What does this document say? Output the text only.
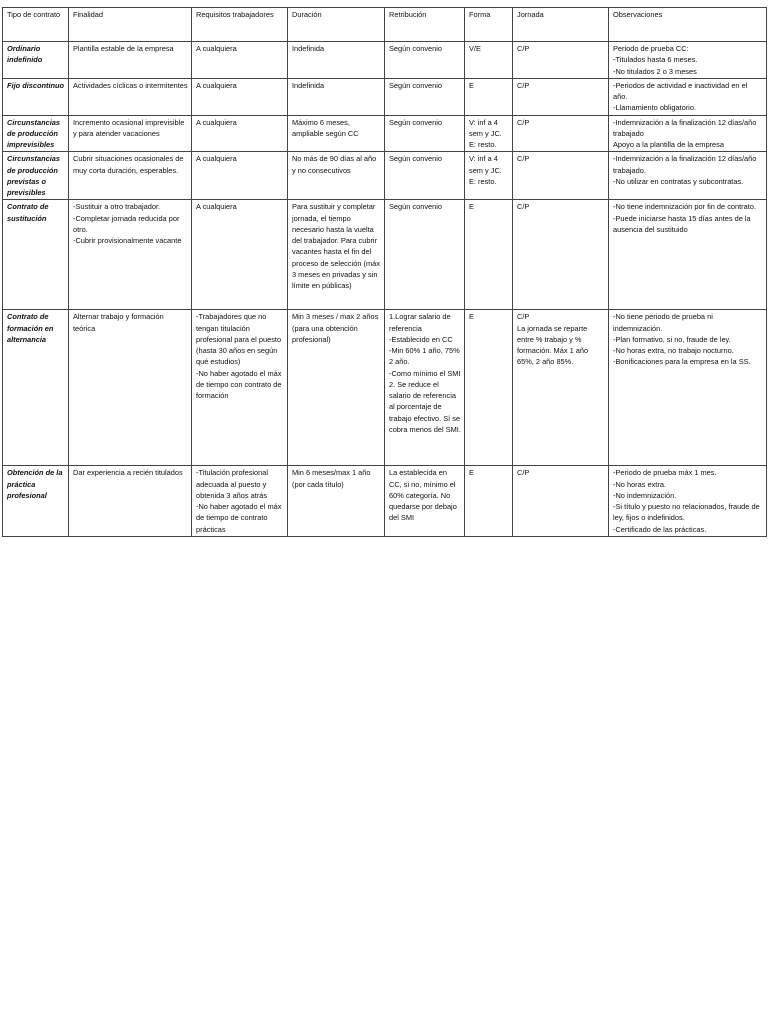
Tipo de contrato	Finalidad	Requisitos trabajadores	Duración	Retribución	Forma	Jornada	Observaciones
Ordinario indefinido	Plantilla estable de la empresa	A cualquiera	Indefinida	Según convenio	V/E	C/P	Periodo de prueba CC:
-Titulados hasta 6 meses.
-No titulados 2 o 3 meses

Fijo discontinuo	Actividades cíclicas o intermitentes	A cualquiera	Indefinida	Según convenio	E	C/P	-Periodos de actividad e inactividad en el año.
-Llamamiento obligatorio.

Circunstancias de producción imprevisibles	Incremento ocasional imprevisible y para atender vacaciones	A cualquiera	Máximo 6 meses, ampliable según CC	Según convenio	V: inf a 4 sem y JC.
E: resto.	C/P	-Indemnización a la finalización 12 días/año trabajado
Apoyo a la plantilla de la empresa

Circunstancias de producción previstas o previsibles	Cubrir situaciones ocasionales de muy corta duración, esperables.	A cualquiera	No más de 90 días al año y no consecutivos	Según convenio	V: inf a 4 sem y JC.
E: resto.	C/P	-Indemnización a la finalización 12 días/año trabajado.
-No utilizar en contratas y subcontratas.

Contrato de sustitución	-Sustituir a otro trabajador.
-Completar jornada reducida por otro.
-Cubrir provisionalmente vacante	A cualquiera	Para sustituir y completar jornada, el tiempo necesario hasta la vuelta del trabajador. Para cubrir vacantes hasta el fin del proceso de selección (máx 3 meses en privadas y sin límite en públicas)	Según convenio	E	C/P	-No tiene indemnización por fin de contrato.
-Puede iniciarse hasta 15 días antes de la ausencia del sustituido

Contrato de formación en alternancia	Alternar trabajo y formación teórica	-Trabajadores que no tengan titulación profesional para el puesto (hasta 30 años en según qué estudios)
-No haber agotado el máx de tiempo con contrato de formación	Min 3 meses / max 2 años (para una obtención profesional)	1.Lograr salario de referencia
-Establecido en CC
-Min 60% 1 año, 75% 2 año.
-Como mínimo el SMI
2. Se reduce el salario de referencia al porcentaje de trabajo efectivo. Sí se cobra menos del SMI.	E	C/P
La jornada se reparte entre % trabajo y % formación. Máx 1 año 65%, 2 año 85%.	-No tiene periodo de prueba ni indemnización.
-Plan formativo, si no, fraude de ley.
-No horas extra, no trabajo nocturno.
-Bonificaciones para la empresa en la SS.

Obtención de la práctica profesional	Dar experiencia a recién titulados	-Titulación profesional adecuada al puesto y obtenida 3 años atrás
-No haber agotado el máx de tiempo de contrato prácticas	Min 6 meses/max 1 año (por cada título)	La establecida en CC, si no, mínimo el 60% categoría. No quedarse por debajo del SMI	E	C/P	-Periodo de prueba máx 1 mes.
-No horas extra.
-No indemnización.
-Si título y puesto no relacionados, fraude de ley, fijos o indefinidos.
-Certificado de las prácticas.
